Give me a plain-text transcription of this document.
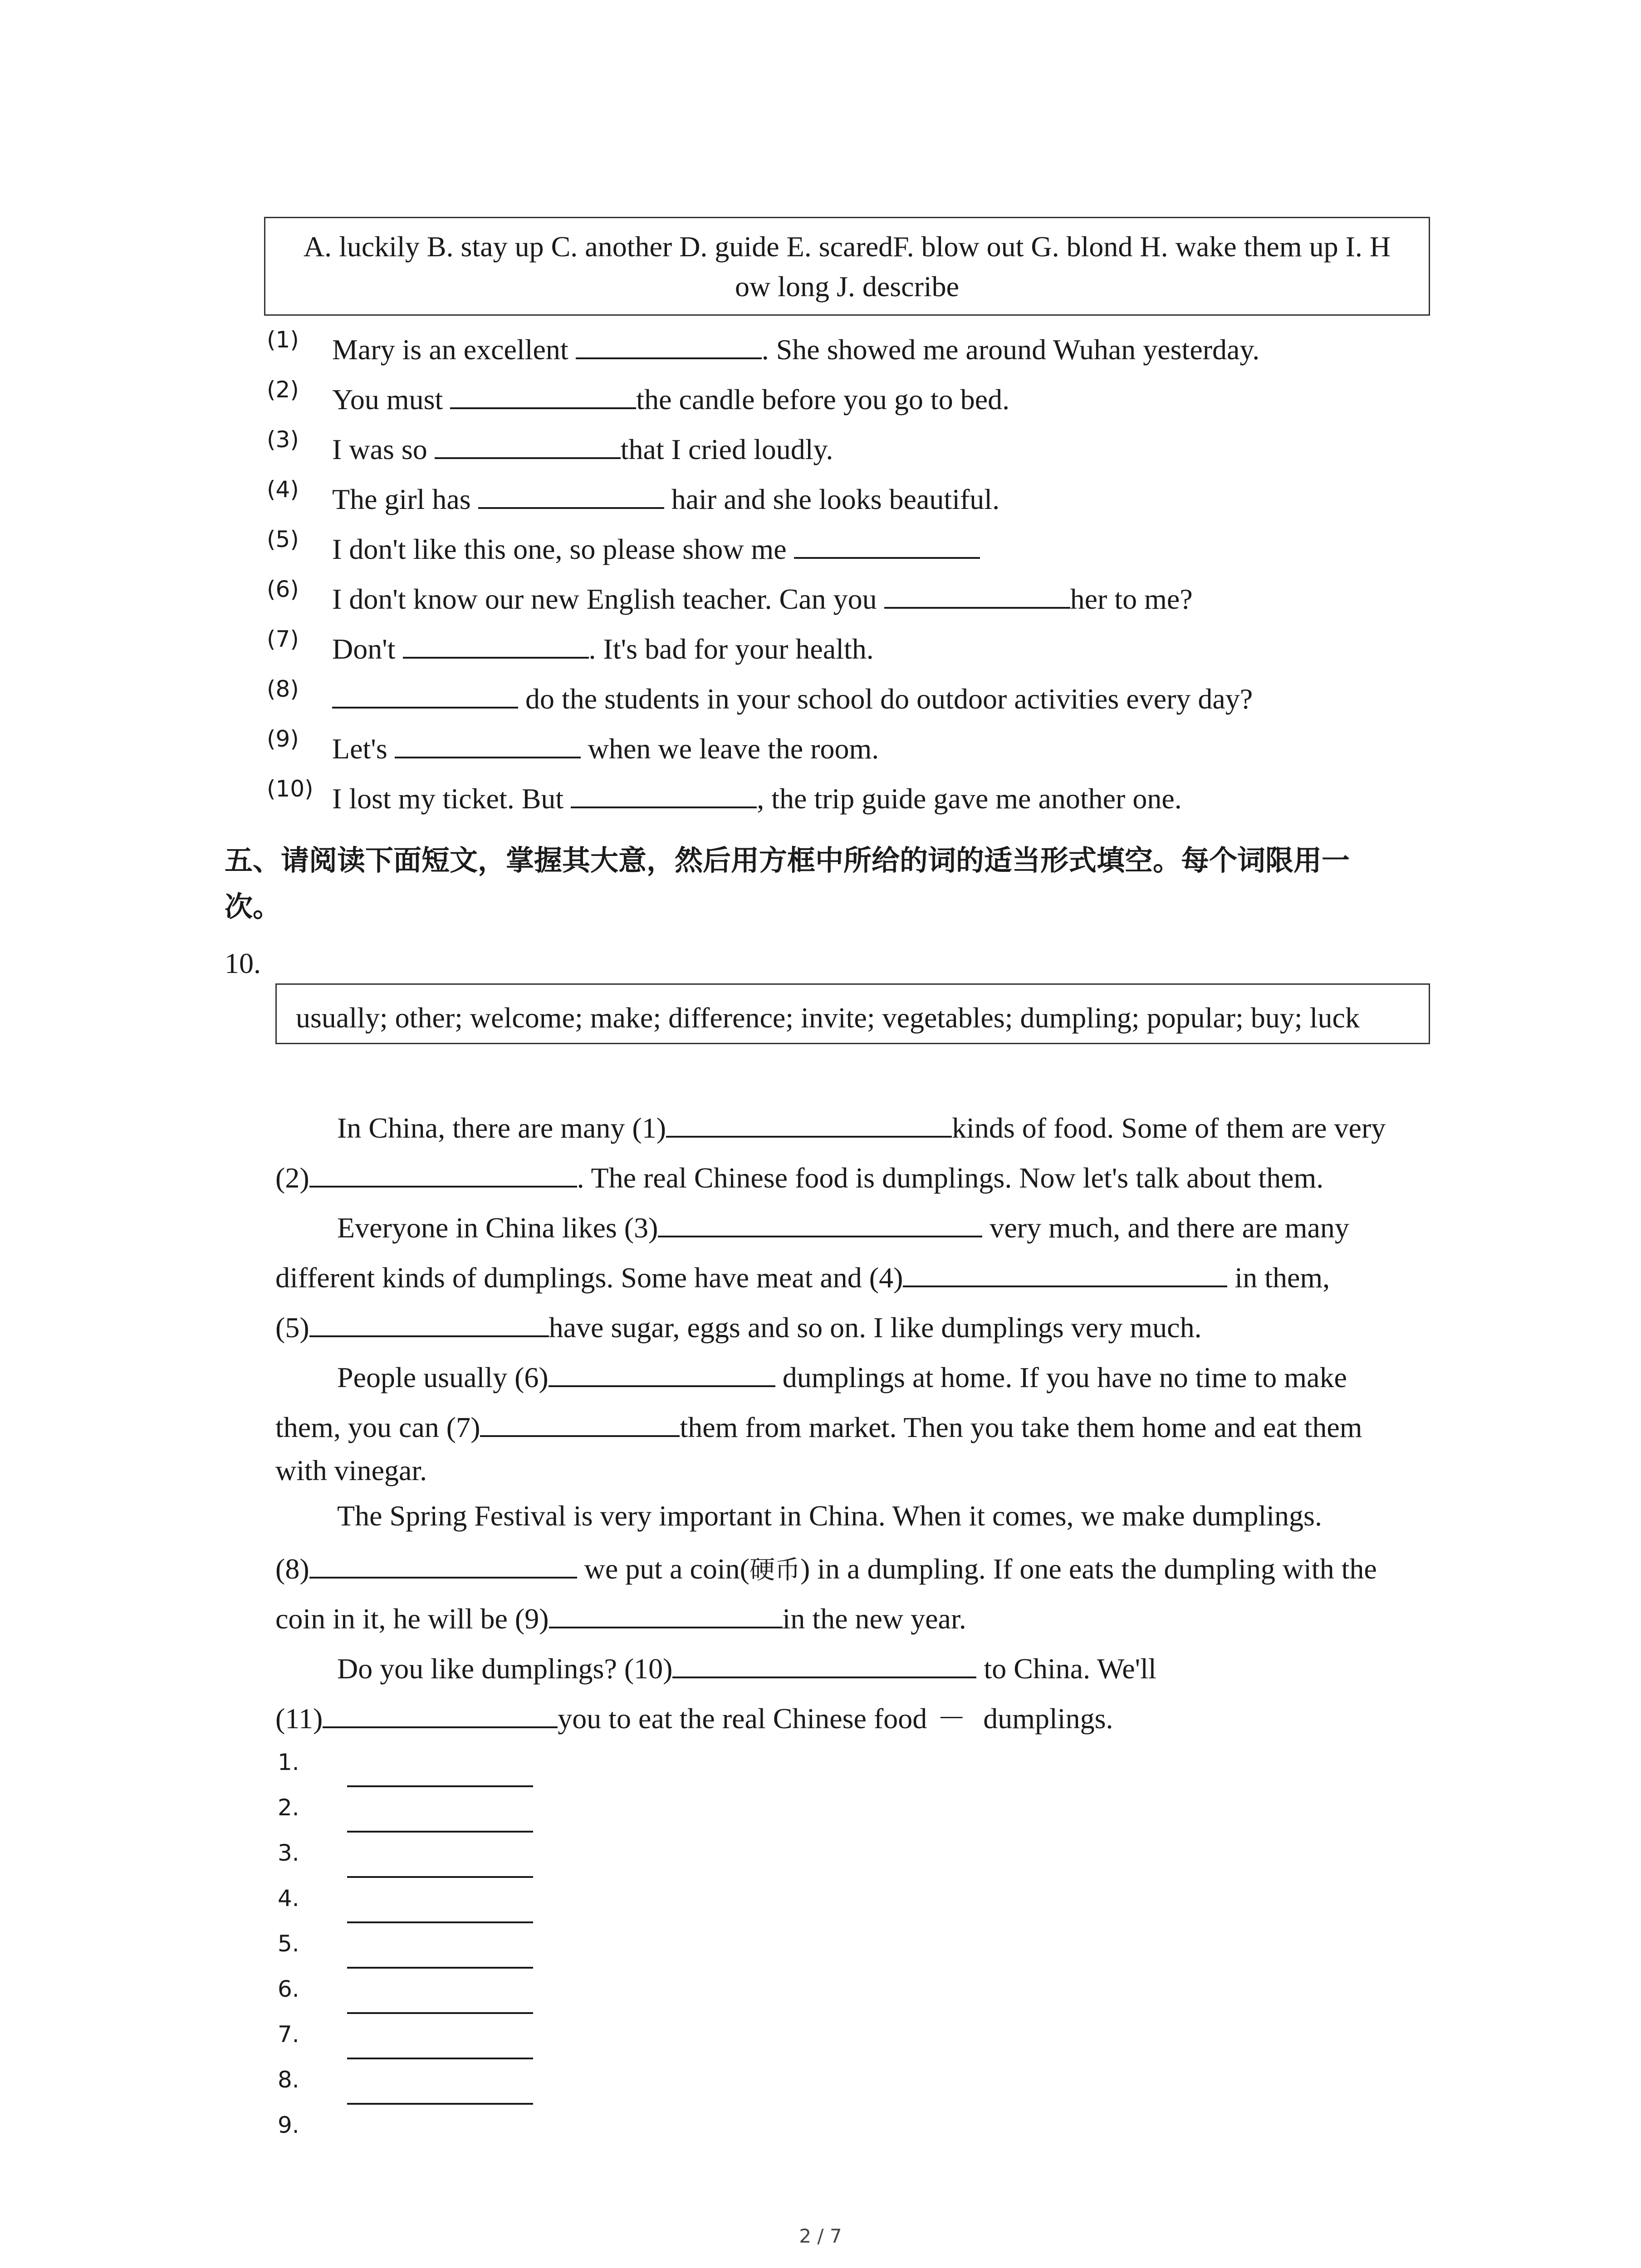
A. luckily B. stay up C. another D. guide E. scaredF. blow out G. blond H. wake them up I. H
ow long J. describe
(1) Mary is an excellent	. She showed me around Wuhan yesterday.
(2) You must	the candle before you go to bed.
(3) I was so	that I cried loudly.
(4) The girl has	hair and she looks beautiful.
(5) I don't like this one, so please show me
(6) I don't know our new English teacher. Can you	her to me?
(7) Don't	. It's bad for your health.
(8)	do the students in your school do outdoor activities every day?
(9) Let's	when we leave the room.
(10) I lost my ticket. But	, the trip guide gave me another one.
五、请阅读下面短文，掌握其大意，然后用方框中所给的词的适当形式填空。每个词限用一
次。
10.
usually; other; welcome; make; difference; invite; vegetables; dumpling; popular; buy; luck
In China, there are many (1)	kinds of food. Some of them are very
(2)	. The real Chinese food is dumplings. Now let's talk about them.
Everyone in China likes (3)	very much, and there are many
different kinds of dumplings. Some have meat and (4)	in them,
(5)	have sugar, eggs and so on. I like dumplings very much.
People usually (6)	dumplings at home. If you have no time to make
them, you can (7)	them from market. Then you take them home and eat them
with vinegar.
The Spring Festival is very important in China. When it comes, we make dumplings.
(8)	we put a coin(硬币) in a dumpling. If one eats the dumpling with the
coin in it, he will be (9)	in the new year.
Do you like dumplings? (10)	to China. We'll
(11)	you to eat the real Chinese food － dumplings.
1.
2.
3.
4.
5.
6.
7.
8.
9.
2 / 7
